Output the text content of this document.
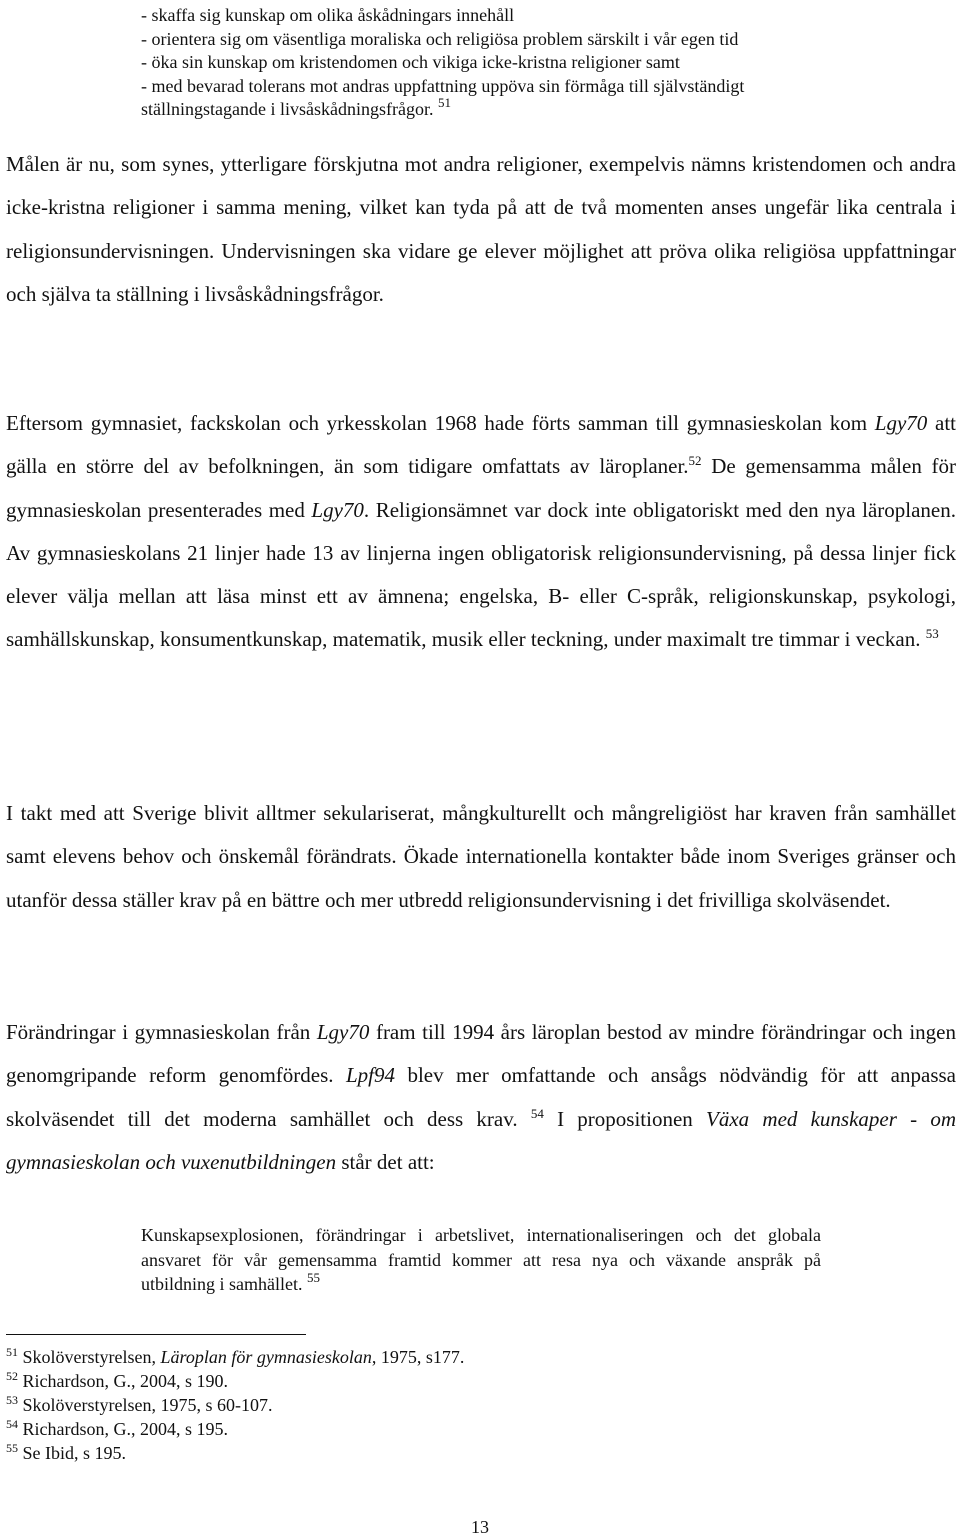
- skaffa sig kunskap om olika åskådningars innehåll
- orientera sig om väsentliga moraliska och religiösa problem särskilt i vår egen tid
- öka sin kunskap om kristendomen och vikiga icke-kristna religioner samt
- med bevarad tolerans mot andras uppfattning uppöva sin förmåga till självständigt
ställningstagande i livsåskådningsfrågor. $^{51}$

Målen är nu, som synes, ytterligare förskjutna mot andra religioner, exempelvis nämns kristendomen och andra icke-kristna religioner i samma mening, vilket kan tyda på att de två momenten anses ungefär lika centrala i religionsundervisningen. Undervisningen ska vidare ge elever möjlighet att pröva olika religiösa uppfattningar och själva ta ställning i livsåskådningsfrågor.

Eftersom gymnasiet, fackskolan och yrkesskolan 1968 hade förts samman till gymnasieskolan kom Lgy70 att gälla en större del av befolkningen, än som tidigare omfattats av läroplaner.$^{52}$ De gemensamma målen för gymnasieskolan presenterades med Lgy70. Religionsämnet var dock inte obligatoriskt med den nya läroplanen. Av gymnasieskolans 21 linjer hade 13 av linjerna ingen obligatorisk religionsundervisning, på dessa linjer fick elever välja mellan att läsa minst ett av ämnena; engelska, B- eller C-språk, religionskunskap, psykologi, samhällskunskap, konsumentkunskap, matematik, musik eller teckning, under maximalt tre timmar i veckan. $^{53}$

I takt med att Sverige blivit alltmer sekulariserat, mångkulturellt och mångreligiöst har kraven från samhället samt elevens behov och önskemål förändrats. Ökade internationella kontakter både inom Sveriges gränser och utanför dessa ställer krav på en bättre och mer utbredd religionsundervisning i det frivilliga skolväsendet.

Förändringar i gymnasieskolan från Lgy70 fram till 1994 års läroplan bestod av mindre förändringar och ingen genomgripande reform genomfördes. Lpf94 blev mer omfattande och ansågs nödvändig för att anpassa skolväsendet till det moderna samhället och dess krav. $^{54}$ I propositionen Växa med kunskaper - om gymnasieskolan och vuxenutbildningen står det att:

Kunskapsexplosionen, förändringar i arbetslivet, internationaliseringen och det globala ansvaret för vår gemensamma framtid kommer att resa nya och växande anspråk på utbildning i samhället. $^{55}$

$^{51}$ Skolöverstyrelsen, Läroplan för gymnasieskolan, 1975, s177.
$^{52}$ Richardson, G., 2004, s 190.
$^{53}$ Skolöverstyrelsen, 1975, s 60-107.
$^{54}$ Richardson, G., 2004, s 195.
$^{55}$ Se Ibid, s 195.
13
